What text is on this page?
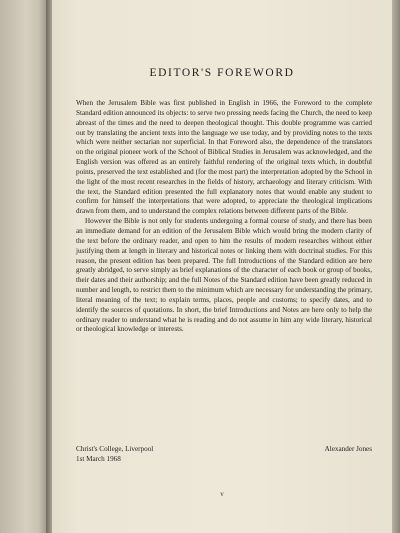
EDITOR'S FOREWORD

When the Jerusalem Bible was first published in English in 1966, the Foreword to the complete Standard edition announced its objects: to serve two pressing needs facing the Church, the need to keep abreast of the times and the need to deepen theological thought. This double programme was carried out by translating the ancient texts into the language we use today, and by providing notes to the texts which were neither sectarian nor superficial. In that Foreword also, the dependence of the translators on the original pioneer work of the School of Biblical Studies in Jerusalem was acknowledged, and the English version was offered as an entirely faithful rendering of the original texts which, in doubtful points, preserved the text established and (for the most part) the interpretation adopted by the School in the light of the most recent researches in the fields of history, archaeology and literary criticism. With the text, the Standard edition presented the full explanatory notes that would enable any student to confirm for himself the interpretations that were adopted, to appreciate the theological implications drawn from them, and to understand the complex relations between different parts of the Bible.

However the Bible is not only for students undergoing a formal course of study, and there has been an immediate demand for an edition of the Jerusalem Bible which would bring the modern clarity of the text before the ordinary reader, and open to him the results of modern researches without either justifying them at length in literary and historical notes or linking them with doctrinal studies. For this reason, the present edition has been prepared. The full Introductions of the Standard edition are here greatly abridged, to serve simply as brief explanations of the character of each book or group of books, their dates and their authorship; and the full Notes of the Standard edition have been greatly reduced in number and length, to restrict them to the minimum which are necessary for understanding the primary, literal meaning of the text; to explain terms, places, people and customs; to specify dates, and to identify the sources of quotations. In short, the brief Introductions and Notes are here only to help the ordinary reader to understand what he is reading and do not assume in him any wide literary, historical or theological knowledge or interests.

Christ's College, Liverpool	Alexander Jones
1st March 1968
v
